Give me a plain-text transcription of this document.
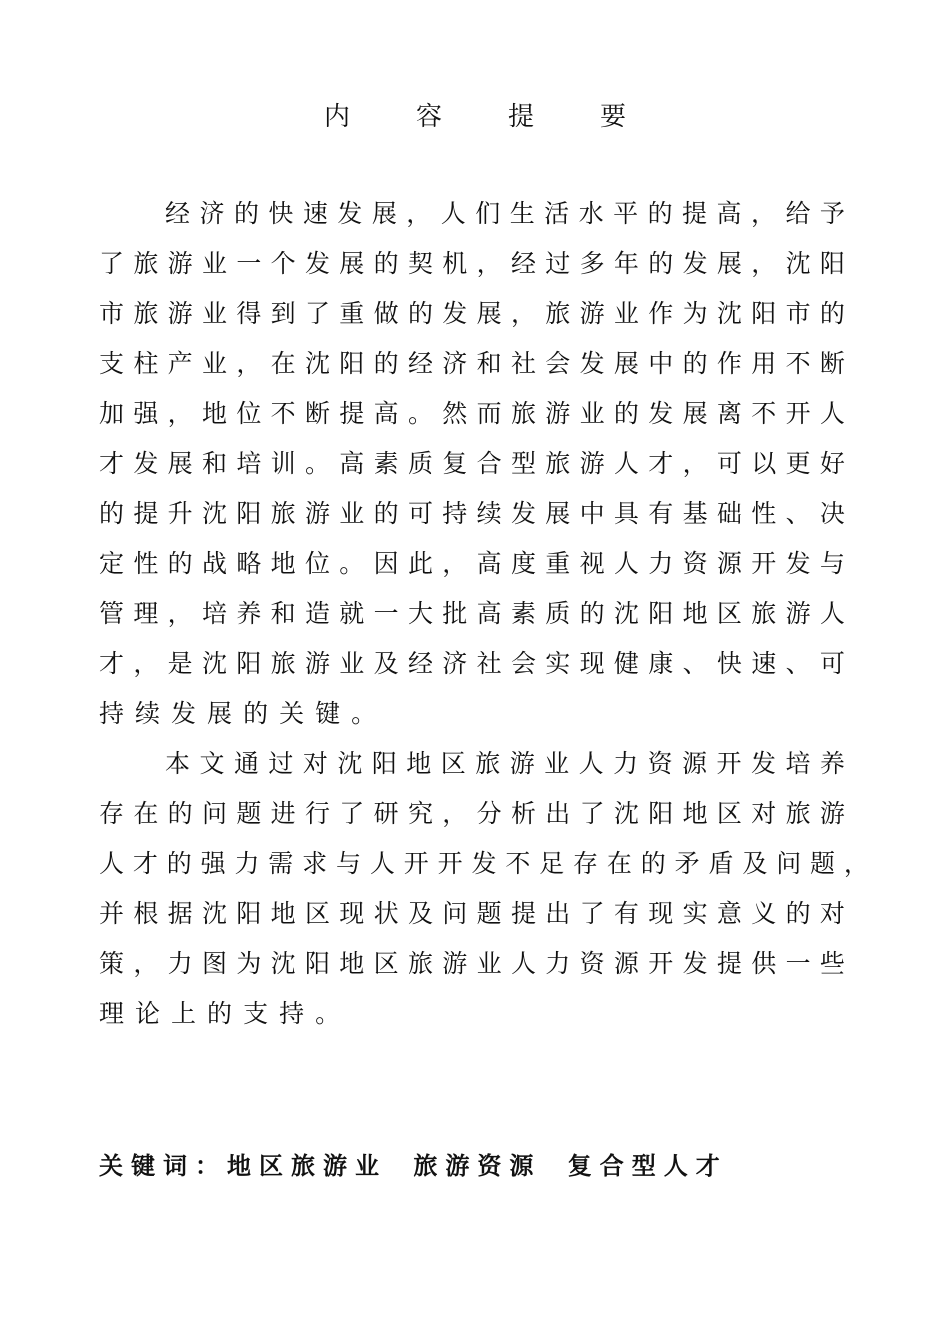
内	容	提	要
经 济 的 快 速 发 展 ， 人 们 生 活 水 平 的 提 高 ， 给 予
了 旅 游 业 一 个 发 展 的 契 机 ， 经 过 多 年 的 发 展 ， 沈 阳
市 旅 游 业 得 到 了 重 做 的 发 展 ， 旅 游 业 作 为 沈 阳 市 的
支 柱 产 业 ， 在 沈 阳 的 经 济 和 社 会 发 展 中 的 作 用 不 断
加 强 ， 地 位 不 断 提 高 。 然 而 旅 游 业 的 发 展 离 不 开 人
才 发 展 和 培 训 。 高 素 质 复 合 型 旅 游 人 才 ， 可 以 更 好
的 提 升 沈 阳 旅 游 业 的 可 持 续 发 展 中 具 有 基 础 性 、 决
定 性 的 战 略 地 位 。 因 此 ， 高 度 重 视 人 力 资 源 开 发 与
管 理 ， 培 养 和 造 就 一 大 批 高 素 质 的 沈 阳 地 区 旅 游 人
才 ， 是 沈 阳 旅 游 业 及 经 济 社 会 实 现 健 康 、 快 速 、 可
持 续 发 展 的 关 键 。
本 文 通 过 对 沈 阳 地 区 旅 游 业 人 力 资 源 开 发 培 养
存 在 的 问 题 进 行 了 研 究 ， 分 析 出 了 沈 阳 地 区 对 旅 游
人 才 的 强 力 需 求 与 人 开 开 发 不 足 存 在 的 矛 盾 及 问 题 ，
并 根 据 沈 阳 地 区 现 状 及 问 题 提 出 了 有 现 实 意 义 的 对
策 ， 力 图 为 沈 阳 地 区 旅 游 业 人 力 资 源 开 发 提 供 一 些
理 论 上 的 支 持 。
关键词：地区旅游业 旅游资源 复合型人才
